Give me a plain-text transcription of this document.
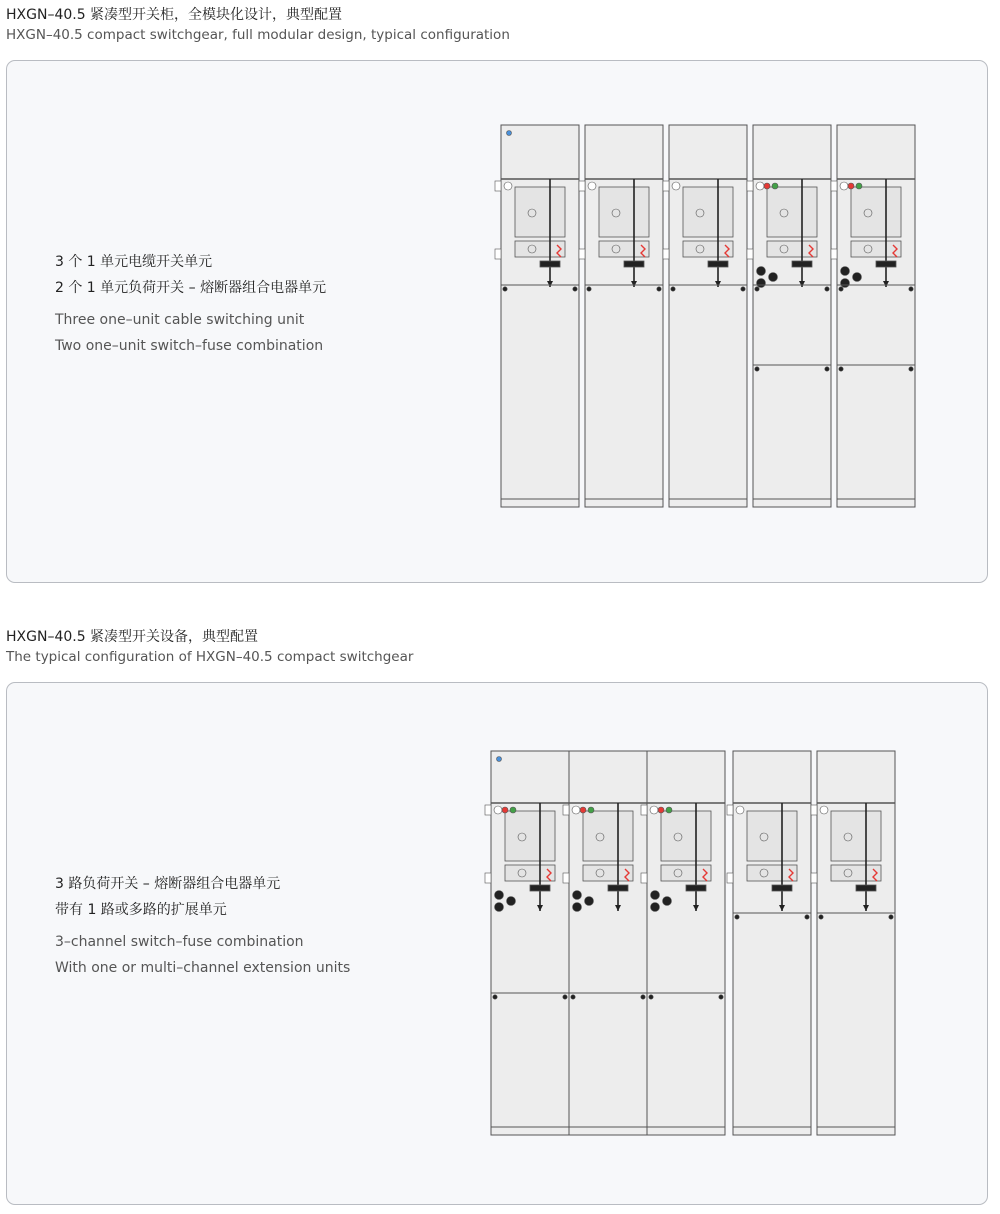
HXGN–40.5 紧凑型开关柜，全模块化设计，典型配置
HXGN–40.5 compact switchgear, full modular design, typical configuration
3 个 1 单元电缆开关单元
2 个 1 单元负荷开关 – 熔断器组合电器单元
Three one–unit cable switching unit
Two one–unit switch–fuse combination
HXGN–40.5 紧凑型开关设备，典型配置
The typical configuration of HXGN–40.5 compact switchgear
3 路负荷开关 – 熔断器组合电器单元
带有 1 路或多路的扩展单元
3–channel switch–fuse combination
With one or multi–channel extension units
